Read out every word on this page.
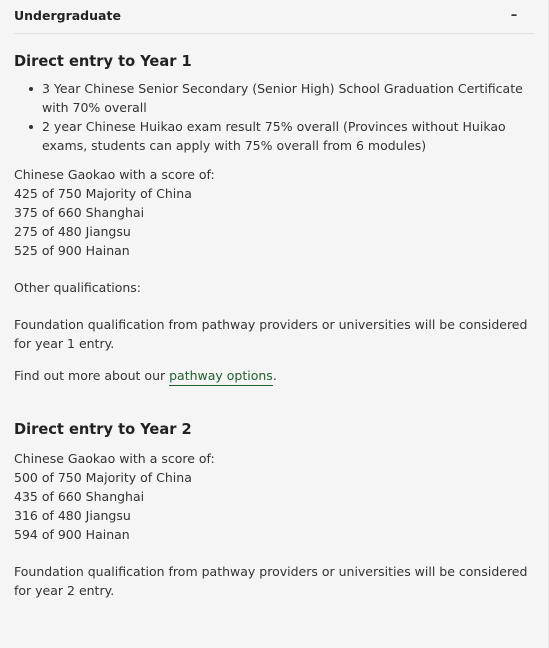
Undergraduate	–
Direct entry to Year 1
3 Year Chinese Senior Secondary (Senior High) School Graduation Certificate with 70% overall
2 year Chinese Huikao exam result 75% overall (Provinces without Huikao exams, students can apply with 75% overall from 6 modules)

Chinese Gaokao with a score of:

425 of 750 Majority of China
375 of 660 Shanghai
275 of 480 Jiangsu
525 of 900 Hainan

Other qualifications:

Foundation qualification from pathway providers or universities will be considered for year 1 entry.

Find out more about our pathway options.

Direct entry to Year 2

Chinese Gaokao with a score of:

500 of 750 Majority of China
435 of 660 Shanghai
316 of 480 Jiangsu
594 of 900 Hainan

Foundation qualification from pathway providers or universities will be considered for year 2 entry.
